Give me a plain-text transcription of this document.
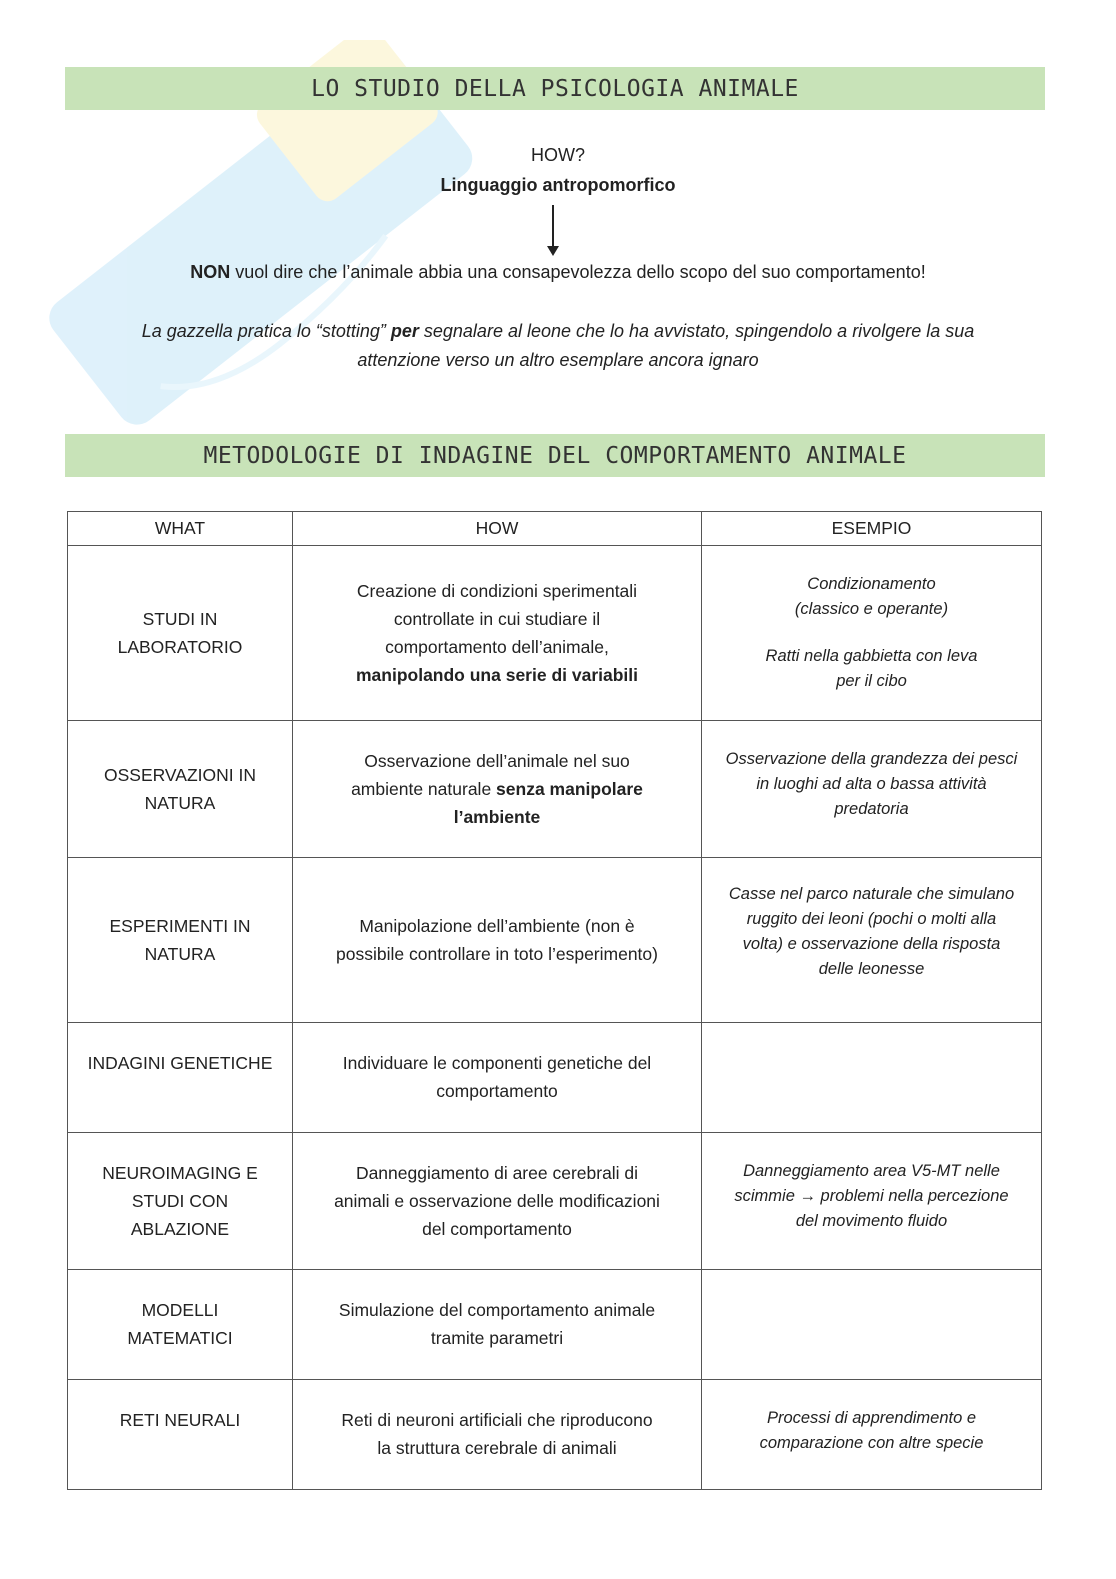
LO STUDIO DELLA PSICOLOGIA ANIMALE
HOW?
Linguaggio antropomorfico
NON vuol dire che l’animale abbia una consapevolezza dello scopo del suo comportamento!
La gazzella pratica lo “stotting” per segnalare al leone che lo ha avvistato, spingendolo a rivolgere la sua
attenzione verso un altro esemplare ancora ignaro
METODOLOGIE DI INDAGINE DEL COMPORTAMENTO ANIMALE
WHAT	HOW	ESEMPIO

STUDI IN
LABORATORIO	Creazione di condizioni sperimentali
controllate in cui studiare il
comportamento dell’animale,
manipolando una serie di variabili	Condizionamento
(classico e operante)
Ratti nella gabbietta con leva
per il cibo

OSSERVAZIONI IN
NATURA	Osservazione dell’animale nel suo
ambiente naturale senza manipolare
l’ambiente	Osservazione della grandezza dei pesci
in luoghi ad alta o bassa attività
predatoria

ESPERIMENTI IN
NATURA	Manipolazione dell’ambiente (non è
possibile controllare in toto l’esperimento)	Casse nel parco naturale che simulano
ruggito dei leoni (pochi o molti alla
volta) e osservazione della risposta
delle leonesse

INDAGINI GENETICHE	Individuare le componenti genetiche del
comportamento	

NEUROIMAGING E
STUDI CON
ABLAZIONE	Danneggiamento di aree cerebrali di
animali e osservazione delle modificazioni
del comportamento	Danneggiamento area V5-MT nelle
scimmie → problemi nella percezione
del movimento fluido

MODELLI
MATEMATICI	Simulazione del comportamento animale
tramite parametri	

RETI NEURALI	Reti di neuroni artificiali che riproducono
la struttura cerebrale di animali	Processi di apprendimento e
comparazione con altre specie
